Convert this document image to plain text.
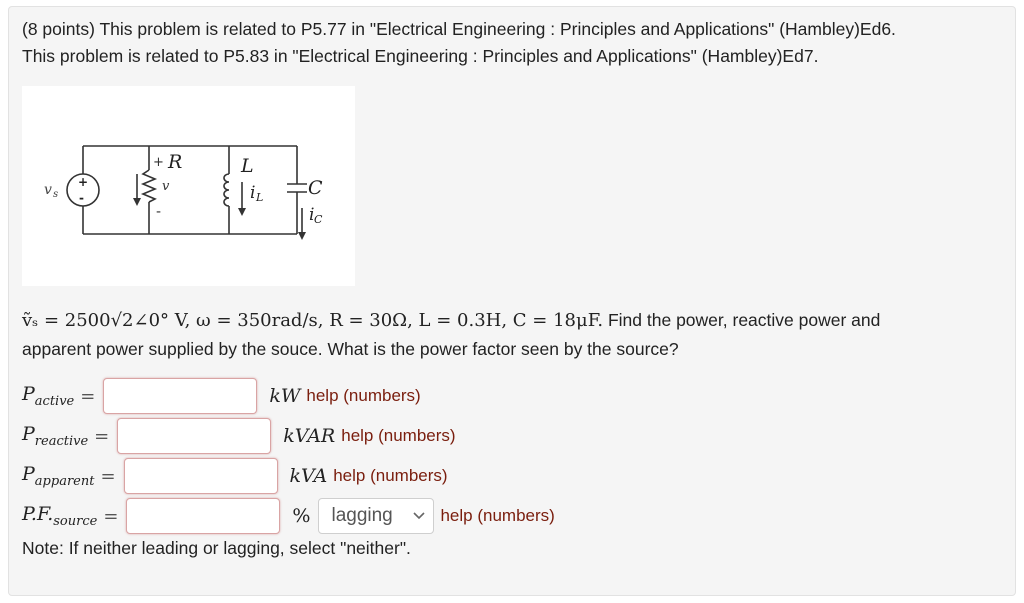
(8 points) This problem is related to P5.77 in "Electrical Engineering : Principles and Applications" (Hambley)Ed6.
This problem is related to P5.83 in "Electrical Engineering : Principles and Applications" (Hambley)Ed7.
+
-
v s
+ R
v
-
L
i L C
i C
ṽₛ = 2500√2∠0° V, ω = 350rad/s, R = 30Ω, L = 0.3H, C = 18μF. Find the power, reactive power and
apparent power supplied by the souce. What is the power factor seen by the source?
$P_{active}$ =	kW help (numbers)
$P_{reactive}$ =	kVAR help (numbers)
$P_{apparent}$ =	kVA help (numbers)
$P.F._{source}$ =	% lagging	help (numbers)
Note: If neither leading or lagging, select "neither".
